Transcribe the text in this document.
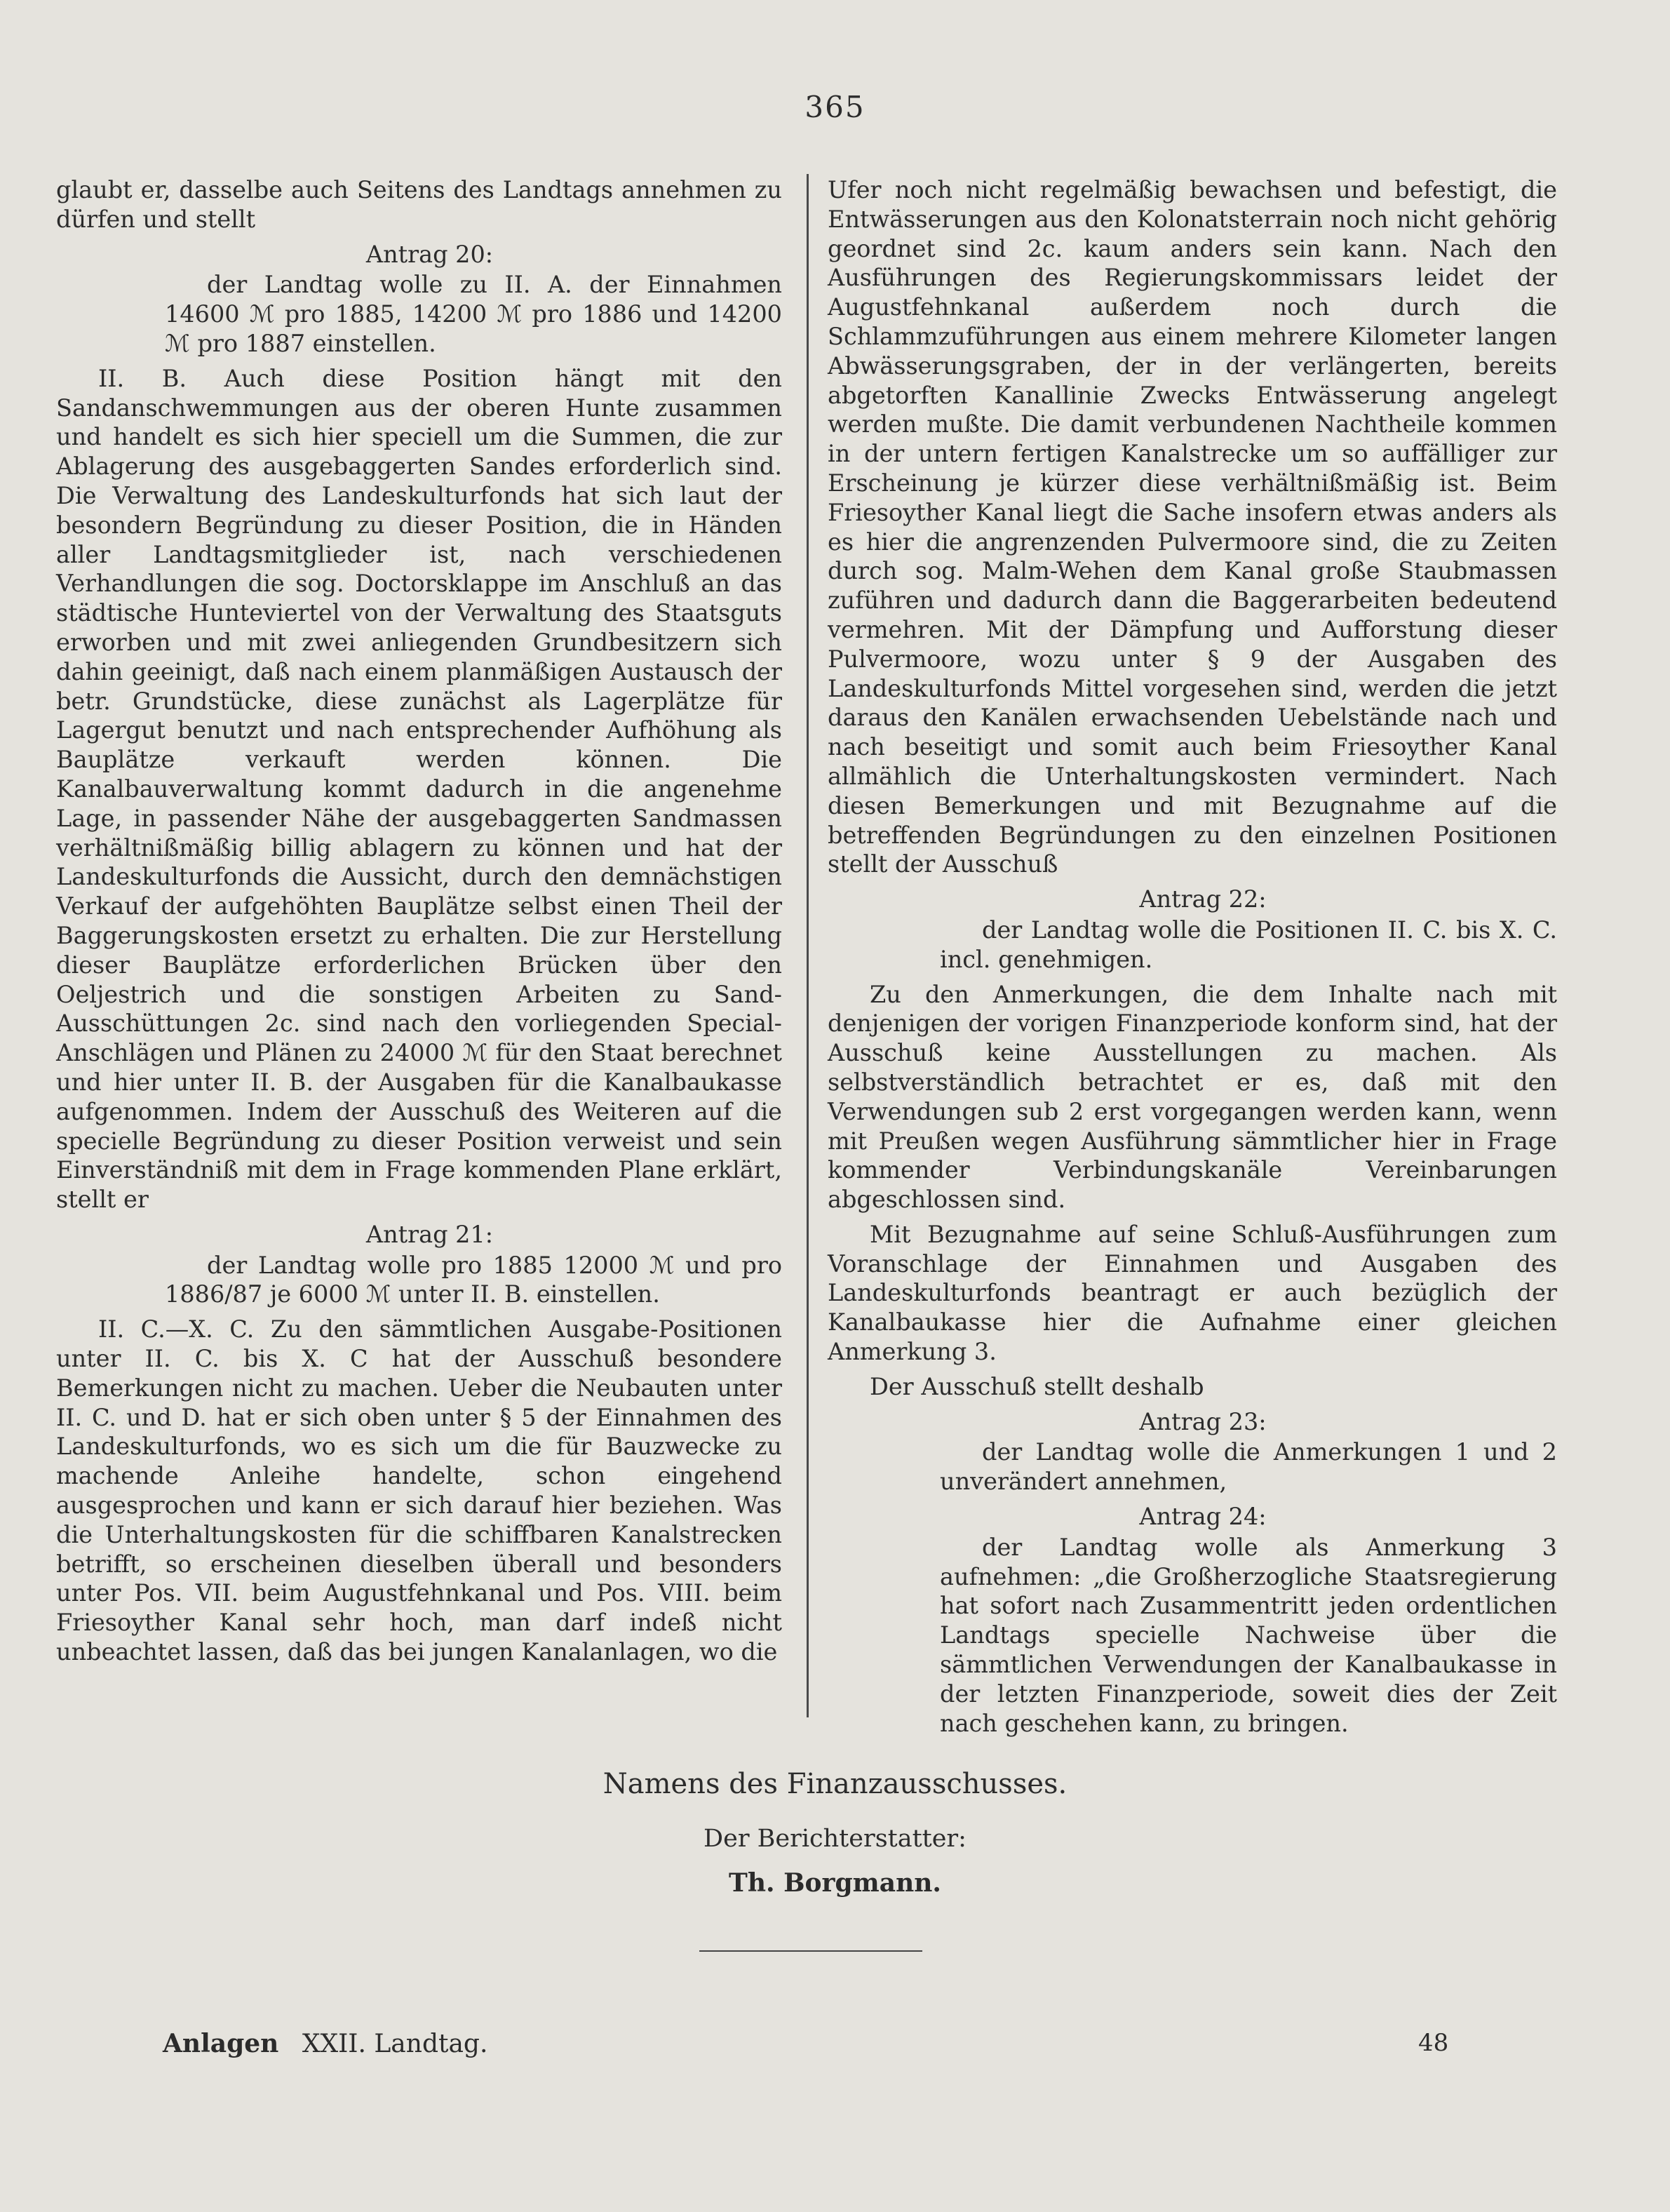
365

glaubt er, dasselbe auch Seitens des Landtags annehmen zu dürfen und stellt

Antrag 20:

der Landtag wolle zu II. A. der Einnahmen 14600 ℳ pro 1885, 14200 ℳ pro 1886 und 14200 ℳ pro 1887 einstellen.

II. B. Auch diese Position hängt mit den Sandanschwemmungen aus der oberen Hunte zusammen und handelt es sich hier speciell um die Summen, die zur Ablagerung des ausgebaggerten Sandes erforderlich sind. Die Verwaltung des Landeskulturfonds hat sich laut der besondern Begründung zu dieser Position, die in Händen aller Landtagsmitglieder ist, nach verschiedenen Verhandlungen die sog. Doctorsklappe im Anschluß an das städtische Hunteviertel von der Verwaltung des Staatsguts erworben und mit zwei anliegenden Grundbesitzern sich dahin geeinigt, daß nach einem planmäßigen Austausch der betr. Grundstücke, diese zunächst als Lagerplätze für Lagergut benutzt und nach entsprechender Aufhöhung als Bauplätze verkauft werden können. Die Kanalbauverwaltung kommt dadurch in die angenehme Lage, in passender Nähe der ausgebaggerten Sandmassen verhältnißmäßig billig ablagern zu können und hat der Landeskulturfonds die Aussicht, durch den demnächstigen Verkauf der aufgehöhten Bauplätze selbst einen Theil der Baggerungskosten ersetzt zu erhalten. Die zur Herstellung dieser Bauplätze erforderlichen Brücken über den Oeljestrich und die sonstigen Arbeiten zu Sand-Ausschüttungen 2c. sind nach den vorliegenden Special-Anschlägen und Plänen zu 24000 ℳ für den Staat berechnet und hier unter II. B. der Ausgaben für die Kanalbaukasse aufgenommen. Indem der Ausschuß des Weiteren auf die specielle Begründung zu dieser Position verweist und sein Einverständniß mit dem in Frage kommenden Plane erklärt, stellt er

Antrag 21:

der Landtag wolle pro 1885 12000 ℳ und pro 1886/87 je 6000 ℳ unter II. B. einstellen.

II. C.—X. C. Zu den sämmtlichen Ausgabe-Positionen unter II. C. bis X. C hat der Ausschuß besondere Bemerkungen nicht zu machen. Ueber die Neubauten unter II. C. und D. hat er sich oben unter § 5 der Einnahmen des Landeskulturfonds, wo es sich um die für Bauzwecke zu machende Anleihe handelte, schon eingehend ausgesprochen und kann er sich darauf hier beziehen. Was die Unterhaltungskosten für die schiffbaren Kanalstrecken betrifft, so erscheinen dieselben überall und besonders unter Pos. VII. beim Augustfehnkanal und Pos. VIII. beim Friesoyther Kanal sehr hoch, man darf indeß nicht unbeachtet lassen, daß das bei jungen Kanalanlagen, wo die

Ufer noch nicht regelmäßig bewachsen und befestigt, die Entwässerungen aus den Kolonatsterrain noch nicht gehörig geordnet sind 2c. kaum anders sein kann. Nach den Ausführungen des Regierungskommissars leidet der Augustfehnkanal außerdem noch durch die Schlammzuführungen aus einem mehrere Kilometer langen Abwässerungsgraben, der in der verlängerten, bereits abgetorften Kanallinie Zwecks Entwässerung angelegt werden mußte. Die damit verbundenen Nachtheile kommen in der untern fertigen Kanalstrecke um so auffälliger zur Erscheinung je kürzer diese verhältnißmäßig ist. Beim Friesoyther Kanal liegt die Sache insofern etwas anders als es hier die angrenzenden Pulvermoore sind, die zu Zeiten durch sog. Malm-Wehen dem Kanal große Staubmassen zuführen und dadurch dann die Baggerarbeiten bedeutend vermehren. Mit der Dämpfung und Aufforstung dieser Pulvermoore, wozu unter § 9 der Ausgaben des Landeskulturfonds Mittel vorgesehen sind, werden die jetzt daraus den Kanälen erwachsenden Uebelstände nach und nach beseitigt und somit auch beim Friesoyther Kanal allmählich die Unterhaltungskosten vermindert. Nach diesen Bemerkungen und mit Bezugnahme auf die betreffenden Begründungen zu den einzelnen Positionen stellt der Ausschuß

Antrag 22:

der Landtag wolle die Positionen II. C. bis X. C. incl. genehmigen.

Zu den Anmerkungen, die dem Inhalte nach mit denjenigen der vorigen Finanzperiode konform sind, hat der Ausschuß keine Ausstellungen zu machen. Als selbstverständlich betrachtet er es, daß mit den Verwendungen sub 2 erst vorgegangen werden kann, wenn mit Preußen wegen Ausführung sämmtlicher hier in Frage kommender Verbindungskanäle Vereinbarungen abgeschlossen sind.

Mit Bezugnahme auf seine Schluß-Ausführungen zum Voranschlage der Einnahmen und Ausgaben des Landeskulturfonds beantragt er auch bezüglich der Kanalbaukasse hier die Aufnahme einer gleichen Anmerkung 3.

Der Ausschuß stellt deshalb

Antrag 23:

der Landtag wolle die Anmerkungen 1 und 2 unverändert annehmen,

Antrag 24:

der Landtag wolle als Anmerkung 3 aufnehmen: „die Großherzogliche Staatsregierung hat sofort nach Zusammentritt jeden ordentlichen Landtags specielle Nachweise über die sämmtlichen Verwendungen der Kanalbaukasse in der letzten Finanzperiode, soweit dies der Zeit nach geschehen kann, zu bringen.

Namens des Finanzausschusses.
Der Berichterstatter:
Th. Borgmann.
Anlagen XXII. Landtag.	48
